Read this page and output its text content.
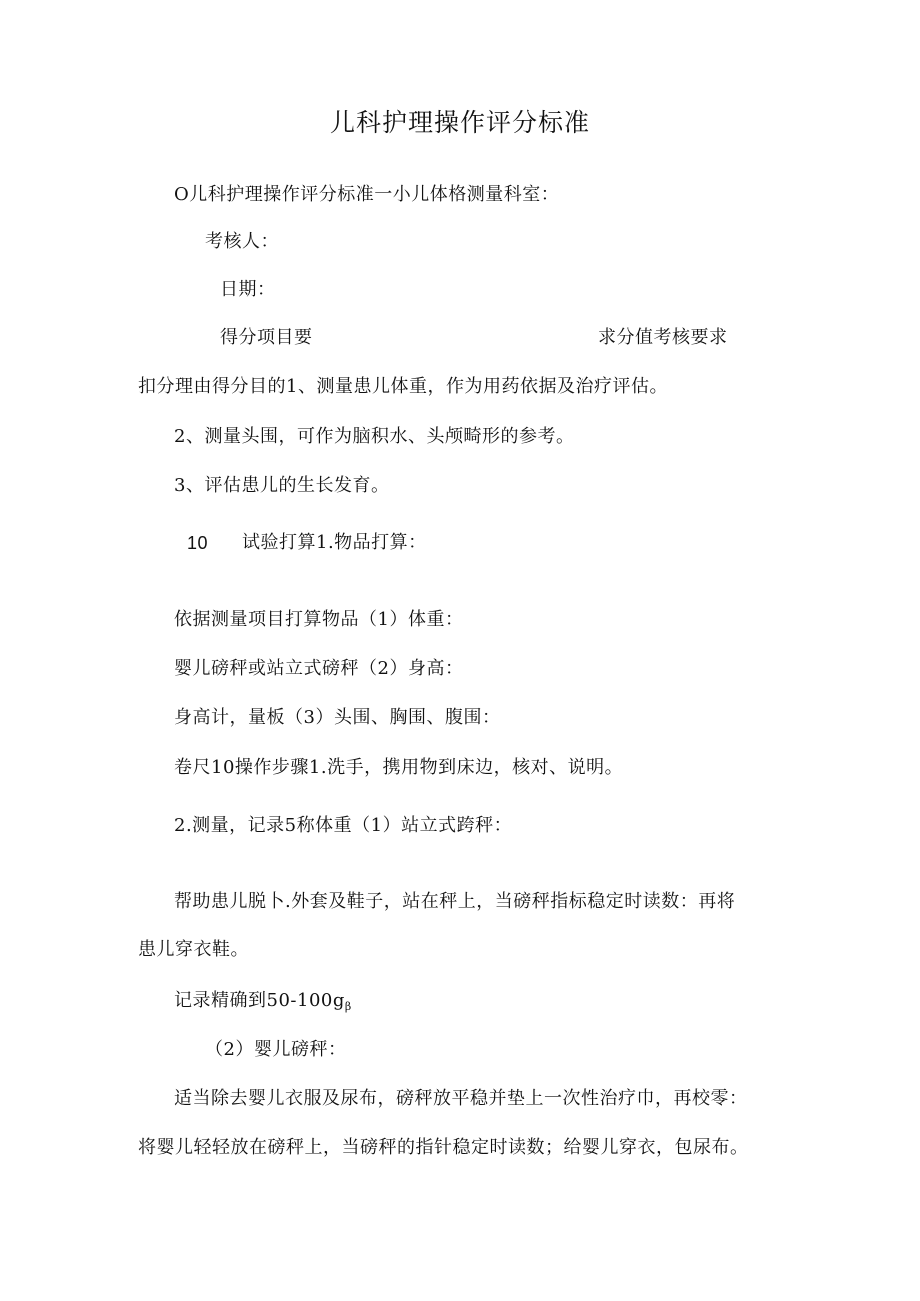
儿科护理操作评分标准
O儿科护理操作评分标准一小儿体格测量科室：
考核人：
日期：
得分项目要	求分值考核要求
扣分理由得分目的1、测量患儿体重，作为用药依据及治疗评估。
2、测量头围，可作为脑积水、头颅畸形的参考。
3、评估患儿的生长发育。
10 试验打算1.物品打算：
依据测量项目打算物品（1）体重：
婴儿磅秤或站立式磅秤（2）身高：
身高计，量板（3）头围、胸围、腹围：
卷尺10操作步骤1.洗手，携用物到床边，核对、说明。
2.测量，记录5称体重（1）站立式跨秤：
帮助患儿脱卜.外套及鞋子，站在秤上，当磅秤指标稳定时读数：再将
患儿穿衣鞋。
记录精确到$50-100g_\beta$
（2）婴儿磅秤：
适当除去婴儿衣服及尿布，磅秤放平稳并垫上一次性治疗巾，再校零：
将婴儿轻轻放在磅秤上，当磅秤的指针稳定时读数；给婴儿穿衣，包尿布。
